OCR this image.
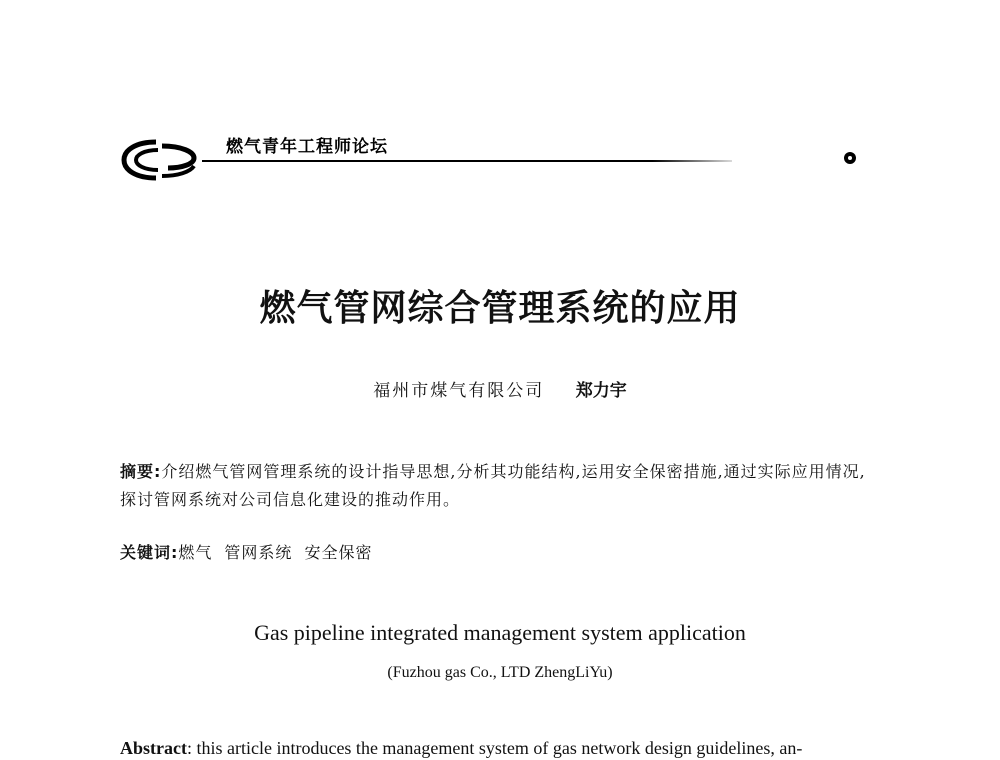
燃气青年工程师论坛
燃气管网综合管理系统的应用
福州市煤气有限公司 郑力宇
摘要:介绍燃气管网管理系统的设计指导思想,分析其功能结构,运用安全保密措施,通过实际应用情况,探讨管网系统对公司信息化建设的推动作用。
关键词:燃气 管网系统 安全保密
Gas pipeline integrated management system application
(Fuzhou gas Co., LTD ZhengLiYu)
Abstract: this article introduces the management system of gas network design guidelines, an-
